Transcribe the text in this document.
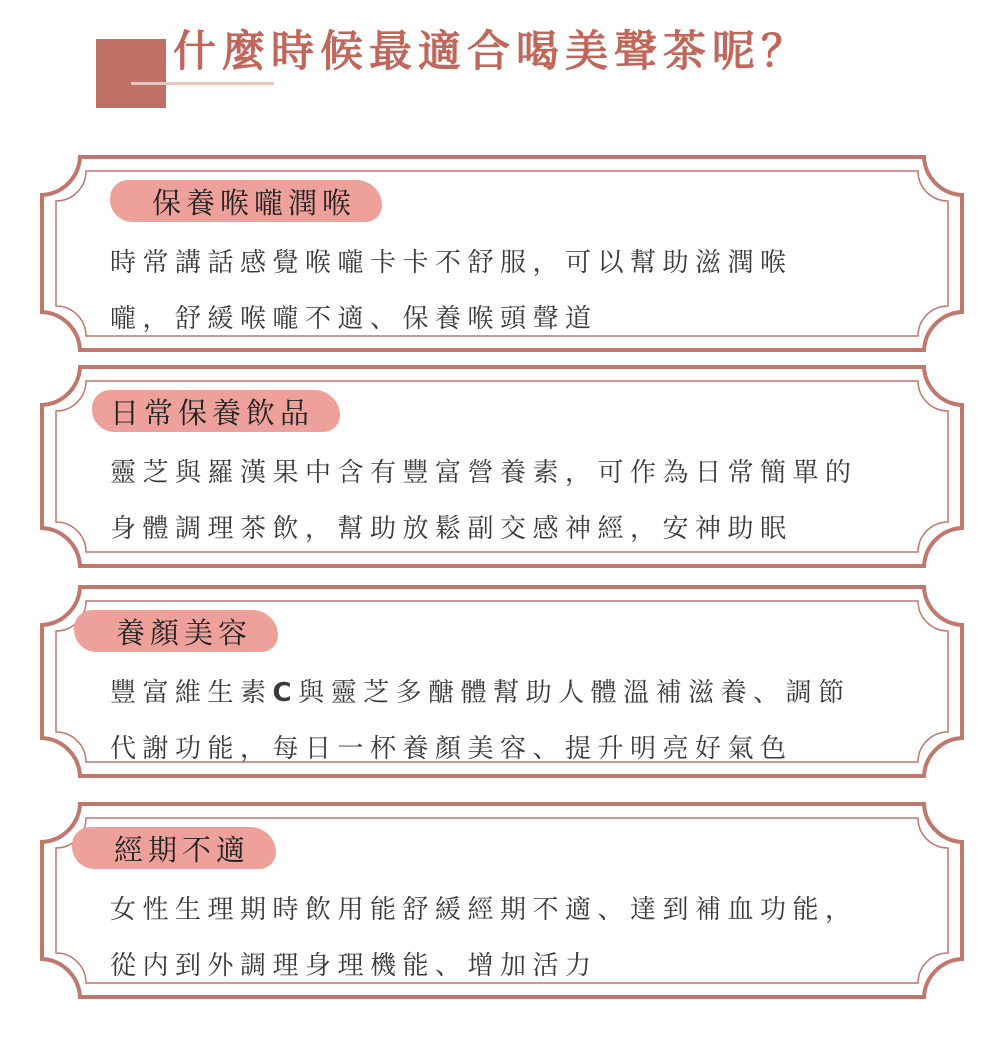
什麼時候最適合喝美聲茶呢？
保養喉嚨潤喉

時常講話感覺喉嚨卡卡不舒服，可以幫助滋潤喉

嚨，舒緩喉嚨不適、保養喉頭聲道

日常保養飲品

靈芝與羅漢果中含有豐富營養素，可作為日常簡單的

身體調理茶飲，幫助放鬆副交感神經，安神助眠

養顏美容

豐富維生素C與靈芝多醣體幫助人體溫補滋養、調節

代謝功能，每日一杯養顏美容、提升明亮好氣色

經期不適

女性生理期時飲用能舒緩經期不適、達到補血功能，

從内到外調理身理機能、增加活力
